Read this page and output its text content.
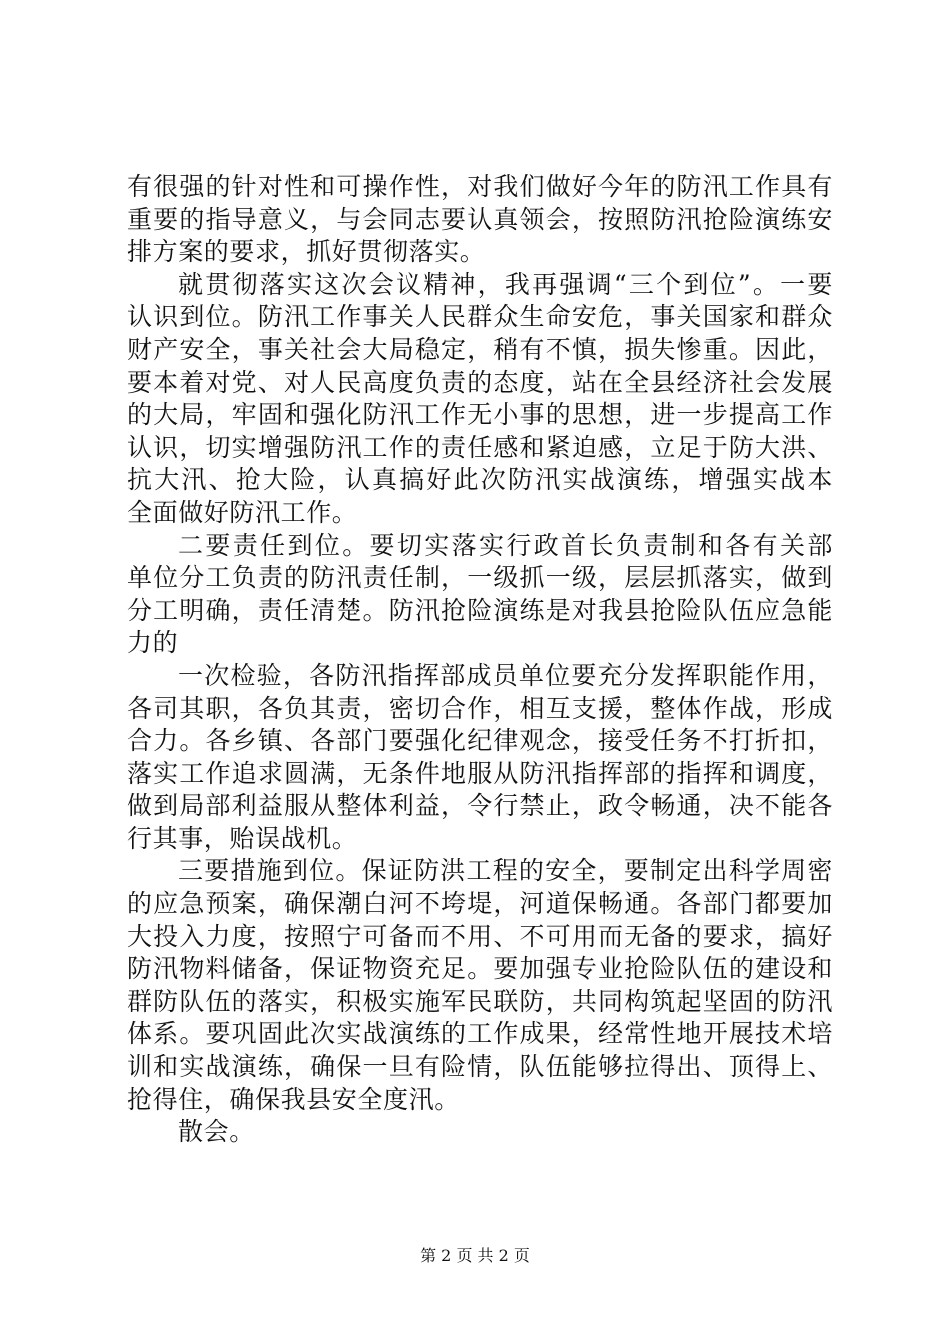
有很强的针对性和可操作性，对我们做好今年的防汛工作具有
重要的指导意义，与会同志要认真领会，按照防汛抢险演练安
排方案的要求，抓好贯彻落实。
就贯彻落实这次会议精神，我再强调“三个到位”。一要
认识到位。防汛工作事关人民群众生命安危，事关国家和群众
财产安全，事关社会大局稳定，稍有不慎，损失惨重。因此，
要本着对党、对人民高度负责的态度，站在全县经济社会发展
的大局，牢固和强化防汛工作无小事的思想，进一步提高工作
认识，切实增强防汛工作的责任感和紧迫感，立足于防大洪、
抗大汛、抢大险，认真搞好此次防汛实战演练，增强实战本
全面做好防汛工作。
二要责任到位。要切实落实行政首长负责制和各有关部
单位分工负责的防汛责任制，一级抓一级，层层抓落实，做到
分工明确，责任清楚。防汛抢险演练是对我县抢险队伍应急能
力的
一次检验，各防汛指挥部成员单位要充分发挥职能作用，
各司其职，各负其责，密切合作，相互支援，整体作战，形成
合力。各乡镇、各部门要强化纪律观念，接受任务不打折扣，
落实工作追求圆满，无条件地服从防汛指挥部的指挥和调度，
做到局部利益服从整体利益，令行禁止，政令畅通，决不能各
行其事，贻误战机。
三要措施到位。保证防洪工程的安全，要制定出科学周密
的应急预案，确保潮白河不垮堤，河道保畅通。各部门都要加
大投入力度，按照宁可备而不用、不可用而无备的要求，搞好
防汛物料储备，保证物资充足。要加强专业抢险队伍的建设和
群防队伍的落实，积极实施军民联防，共同构筑起坚固的防汛
体系。要巩固此次实战演练的工作成果，经常性地开展技术培
训和实战演练，确保一旦有险情，队伍能够拉得出、顶得上、
抢得住，确保我县安全度汛。
散会。
第 2 页 共 2 页
